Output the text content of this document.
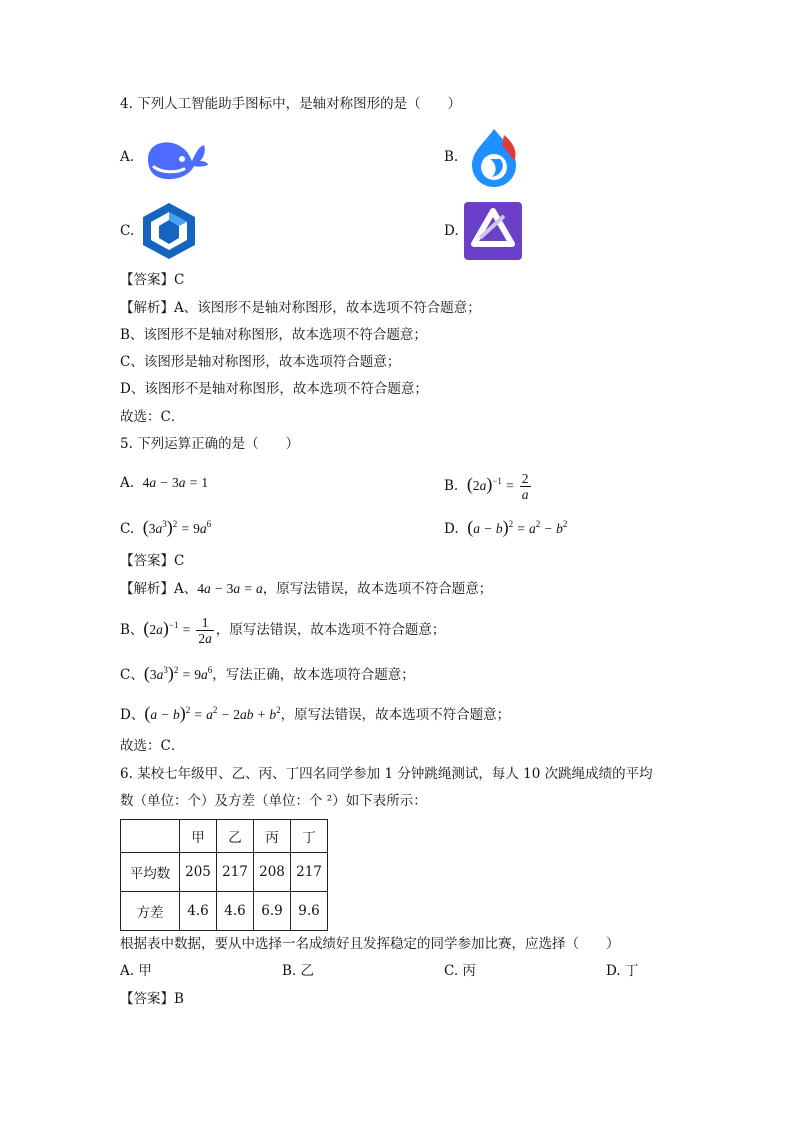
4. 下列人工智能助手图标中，是轴对称图形的是（　　）
A.	B.
C.	D.
【答案】C
【解析】A、该图形不是轴对称图形，故本选项不符合题意；
B、该图形不是轴对称图形，故本选项不符合题意；
C、该图形是轴对称图形，故本选项符合题意；
D、该图形不是轴对称图形，故本选项不符合题意；
故选：C．
5. 下列运算正确的是（　　）
A. 4a − 3a = 1	B. $(2a)^{-1} = \frac{2}{a}$
C. $(3a^3)^2 = 9a^6$	D. $(a - b)^2 = a^2 - b^2$
【答案】C
【解析】A、4a − 3a = a，原写法错误，故本选项不符合题意；
B、$(2a)^{-1} = \frac{1}{2a}$ ，原写法错误，故本选项不符合题意；
C、$(3a^3)^2 = 9a^6$，写法正确，故本选项符合题意；
D、$(a - b)^2 = a^2 - 2ab + b^2$，原写法错误，故本选项不符合题意；
故选：C．
6. 某校七年级甲、乙、丙、丁四名同学参加 1 分钟跳绳测试，每人 10 次跳绳成绩的平均
数（单位：个）及方差（单位：个 ²）如下表所示：
	甲	乙	丙	丁
平均数	205	217	208	217
方差	4.6	4.6	6.9	9.6
根据表中数据，要从中选择一名成绩好且发挥稳定的同学参加比赛，应选择（　　）
A. 甲	B. 乙	C. 丙	D. 丁
【答案】B
